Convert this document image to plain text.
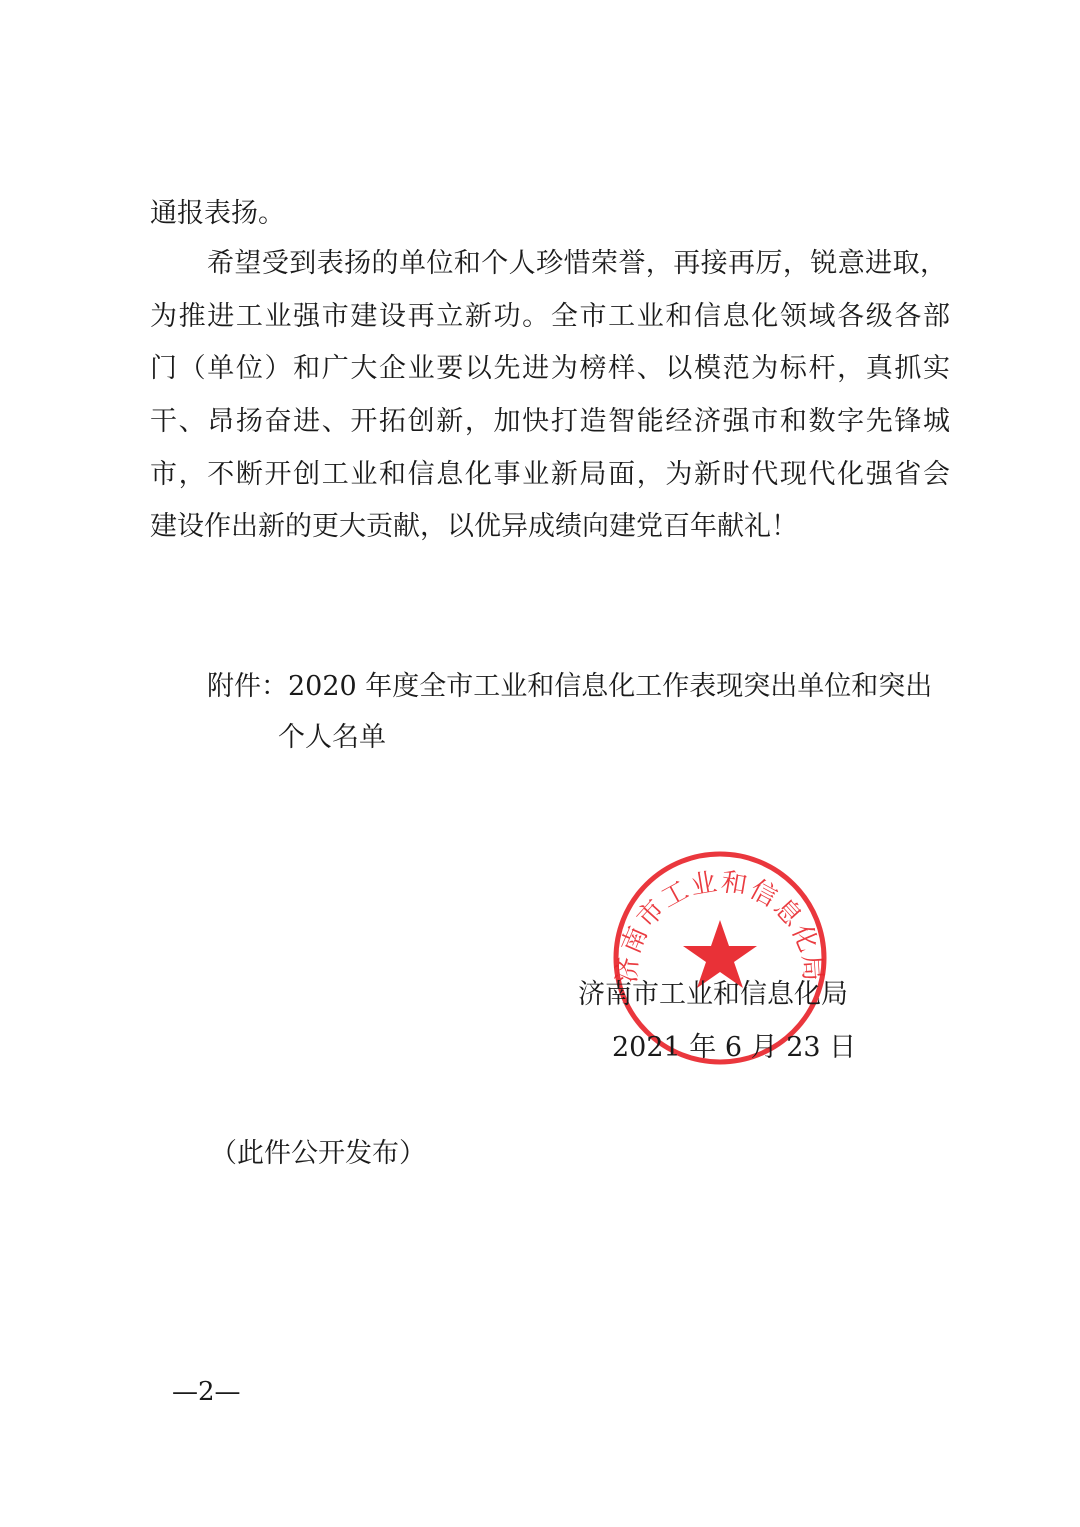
通报表扬。
希望受到表扬的单位和个人珍惜荣誉，再接再厉，锐意进取，
为推进工业强市建设再立新功。全市工业和信息化领域各级各部
门（单位）和广大企业要以先进为榜样、以模范为标杆，真抓实
干、昂扬奋进、开拓创新，加快打造智能经济强市和数字先锋城
市，不断开创工业和信息化事业新局面，为新时代现代化强省会
建设作出新的更大贡献，以优异成绩向建党百年献礼！
附件：2020 年度全市工业和信息化工作表现突出单位和突出
个人名单
济南市工业和信息化局
济南市工业和信息化局
2021 年 6 月 23 日
（此件公开发布）
—2—
